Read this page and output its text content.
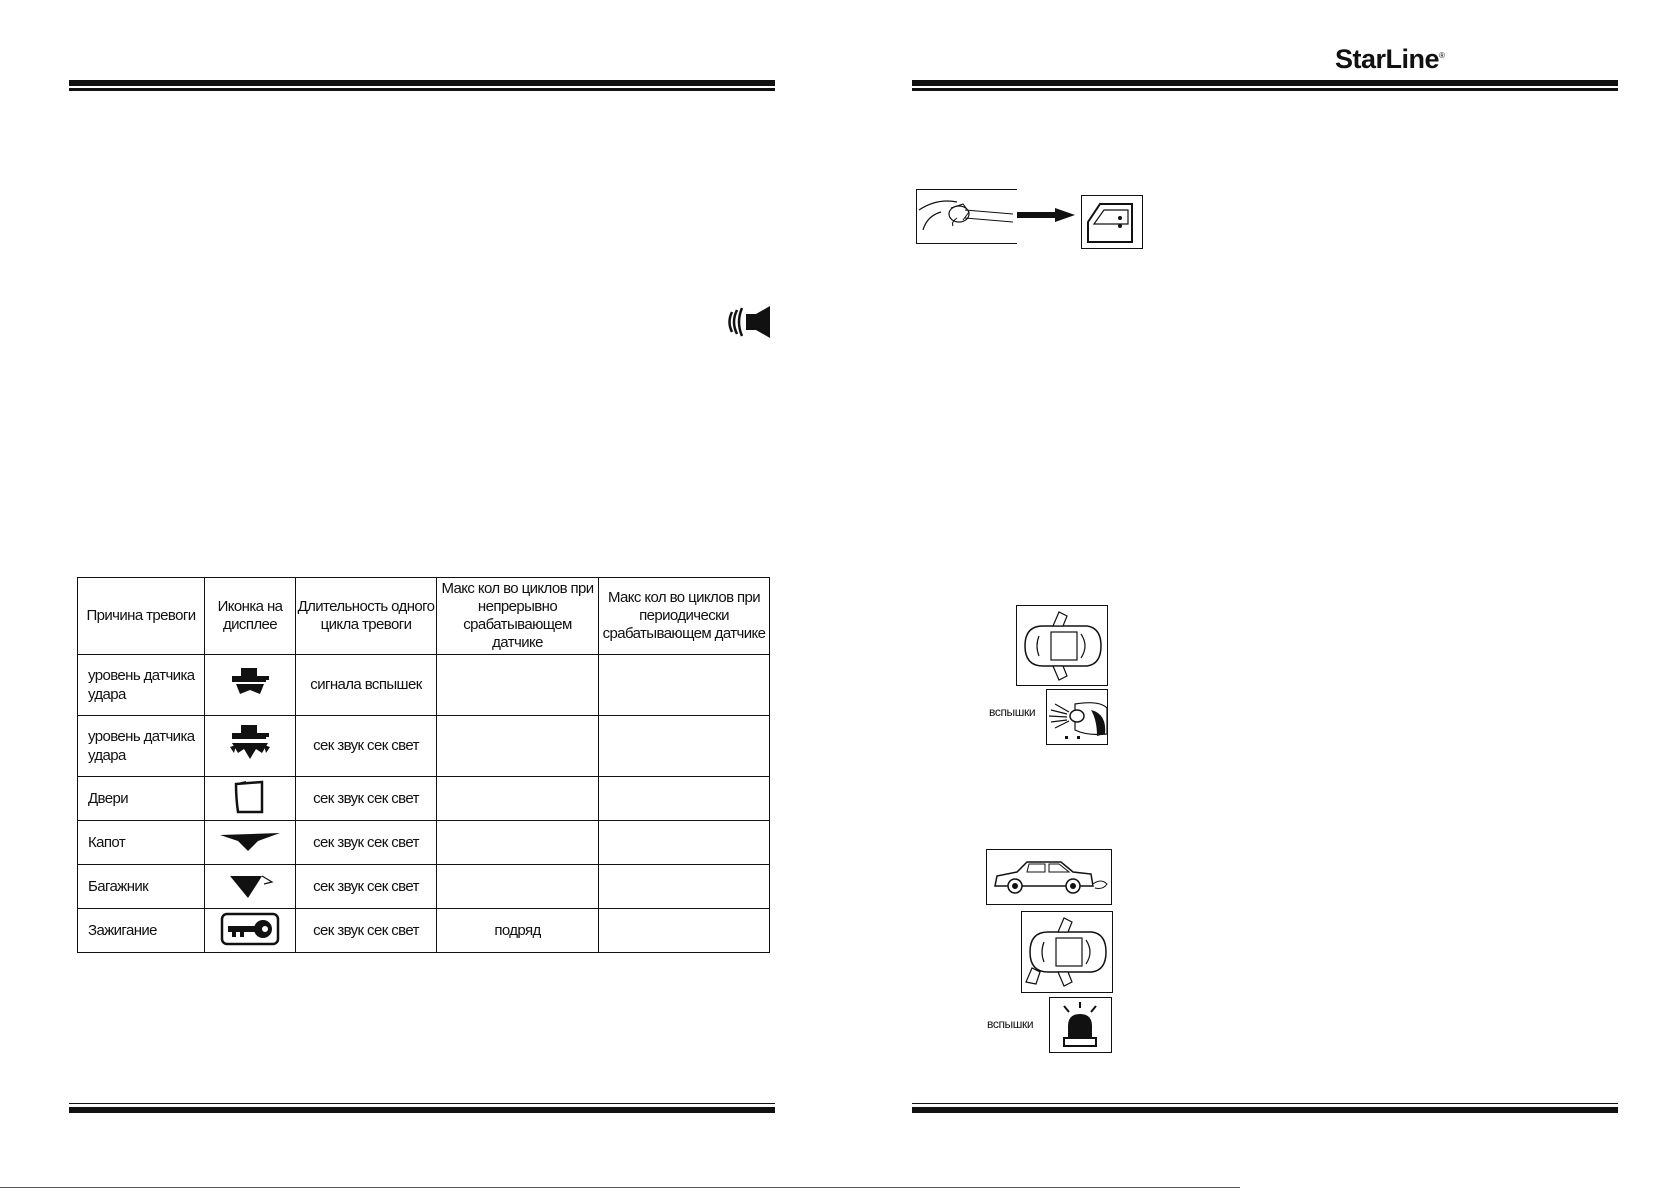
StarLine®
Причина тревоги	Иконка на дисплее	Длительность одного цикла тревоги	Макс кол во циклов при непрерывно срабатывающем датчике	Макс кол во циклов при периодически срабатывающем датчике
уровень датчика удара		сигнала вспышек		
уровень датчика удара		сек звук сек свет		
Двери		сек звук сек свет		
Капот		сек звук сек свет		
Багажник		сек звук сек свет		
Зажигание		сек звук сек свет	подряд	
вспышки
вспышки
